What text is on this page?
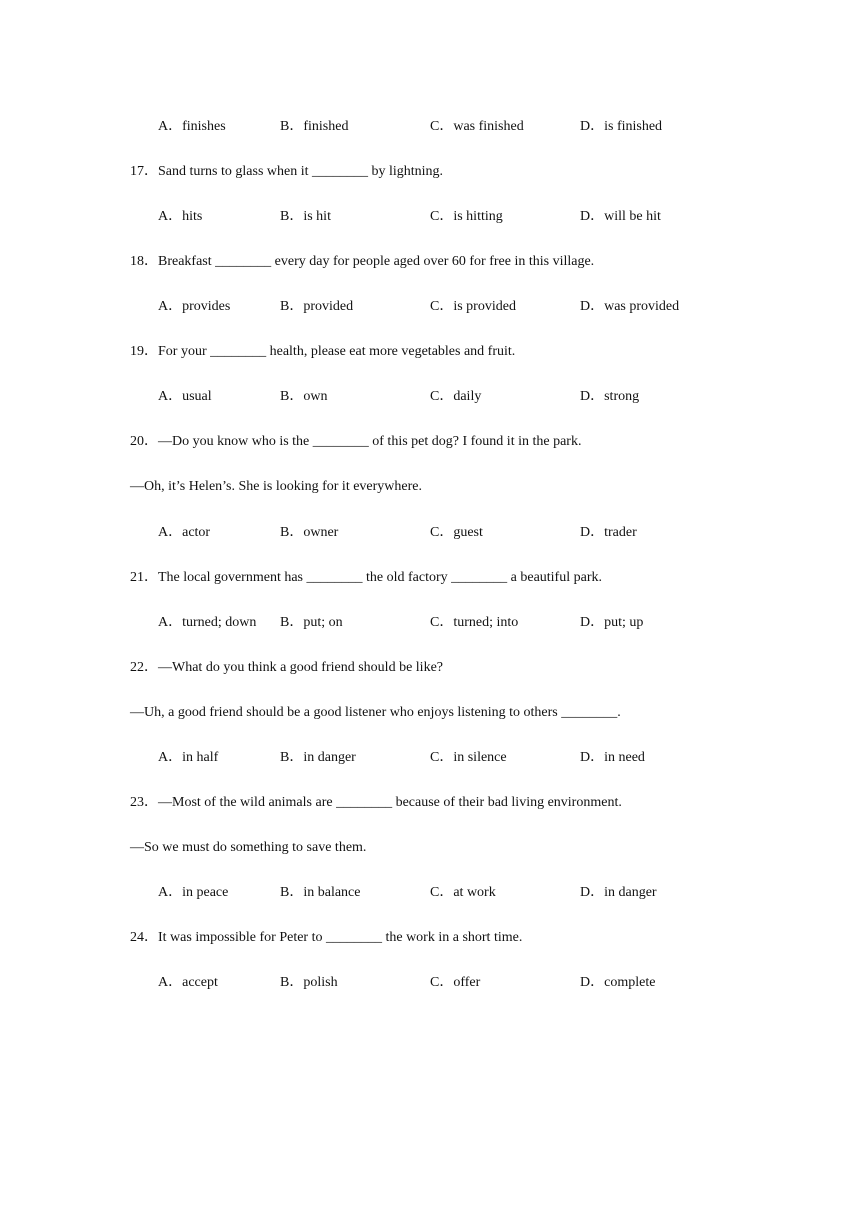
A．finishes	B．finished	C．was finished	D．is finished
17．Sand turns to glass when it ________ by lightning.
A．hits	B．is hit	C．is hitting	D．will be hit
18．Breakfast ________ every day for people aged over 60 for free in this village.
A．provides	B．provided	C．is provided	D．was provided
19．For your ________ health, please eat more vegetables and fruit.
A．usual	B．own	C．daily	D．strong
20．—Do you know who is the ________ of this pet dog? I found it in the park.
—Oh, it’s Helen’s. She is looking for it everywhere.
A．actor	B．owner	C．guest	D．trader
21．The local government has ________ the old factory ________ a beautiful park.
A．turned; down B．put; on	C．turned; into	D．put; up
22．—What do you think a good friend should be like?
—Uh, a good friend should be a good listener who enjoys listening to others ________.
A．in half	B．in danger	C．in silence	D．in need
23．—Most of the wild animals are ________ because of their bad living environment.
—So we must do something to save them.
A．in peace	B．in balance	C．at work	D．in danger
24．It was impossible for Peter to ________ the work in a short time.
A．accept	B．polish	C．offer	D．complete
